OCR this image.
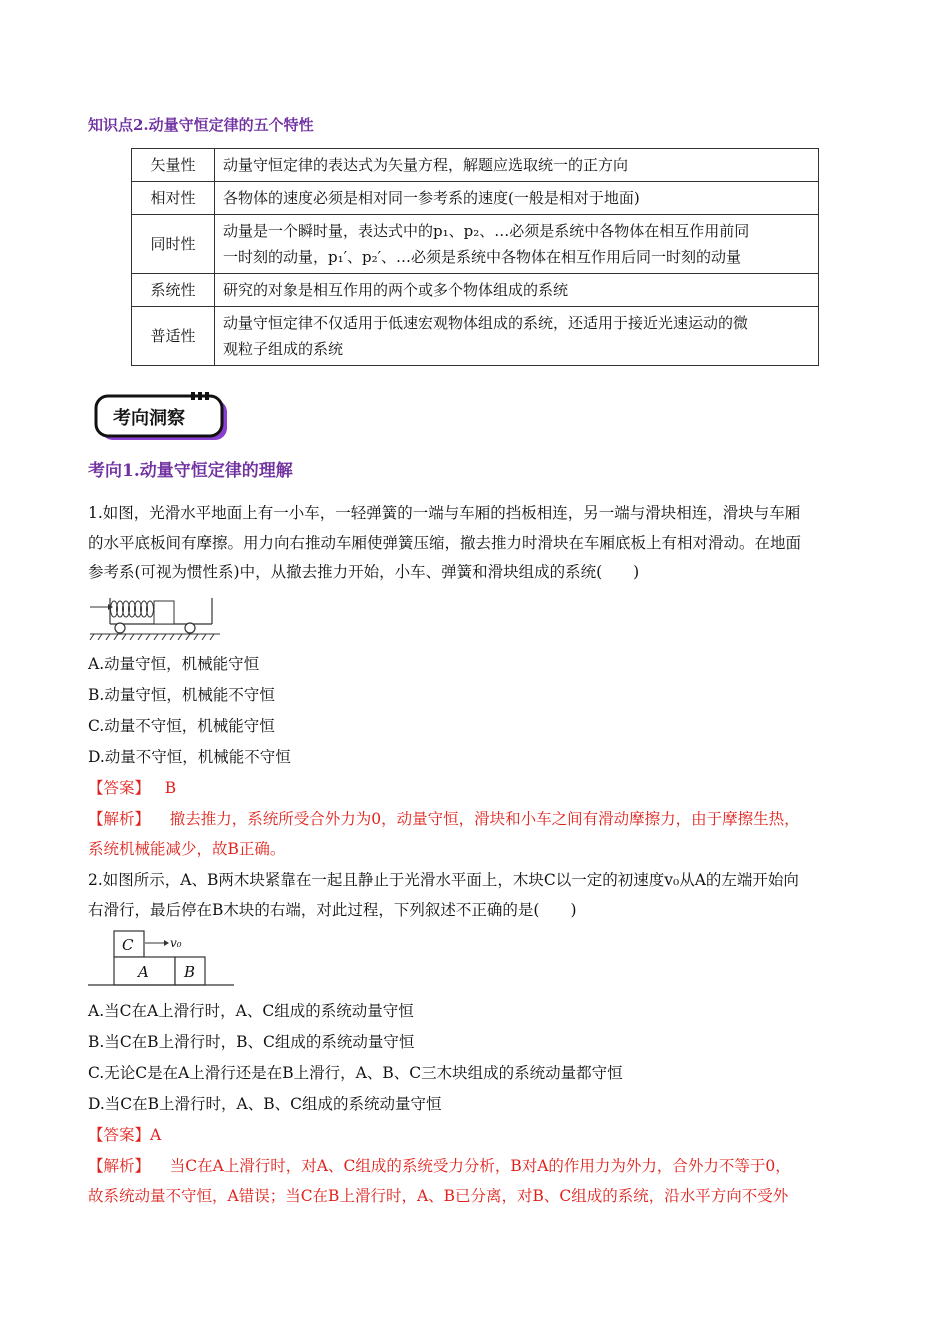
知识点2.动量守恒定律的五个特性
矢量性	动量守恒定律的表达式为矢量方程，解题应选取统一的正方向
相对性	各物体的速度必须是相对同一参考系的速度(一般是相对于地面)
同时性	动量是一个瞬时量，表达式中的p₁、p₂、…必须是系统中各物体在相互作用前同
一时刻的动量，p₁′、p₂′、…必须是系统中各物体在相互作用后同一时刻的动量

系统性	研究的对象是相互作用的两个或多个物体组成的系统
普适性	动量守恒定律不仅适用于低速宏观物体组成的系统，还适用于接近光速运动的微
观粒子组成的系统
考向洞察
考向1.动量守恒定律的理解
1.如图，光滑水平地面上有一小车，一轻弹簧的一端与车厢的挡板相连，另一端与滑块相连，滑块与车厢
的水平底板间有摩擦。用力向右推动车厢使弹簧压缩，撤去推力时滑块在车厢底板上有相对滑动。在地面
参考系(可视为惯性系)中，从撤去推力开始，小车、弹簧和滑块组成的系统(　　)
A.动量守恒，机械能守恒
B.动量守恒，机械能不守恒
C.动量不守恒，机械能守恒
D.动量不守恒，机械能不守恒
【答案】 B
【解析】 撤去推力，系统所受合外力为0，动量守恒，滑块和小车之间有滑动摩擦力，由于摩擦生热，
系统机械能减少，故B正确。
2.如图所示，A、B两木块紧靠在一起且静止于光滑水平面上，木块C以一定的初速度v₀从A的左端开始向
右滑行，最后停在B木块的右端，对此过程，下列叙述不正确的是(　　)
C	v₀
A B
A.当C在A上滑行时，A、C组成的系统动量守恒
B.当C在B上滑行时，B、C组成的系统动量守恒
C.无论C是在A上滑行还是在B上滑行，A、B、C三木块组成的系统动量都守恒
D.当C在B上滑行时，A、B、C组成的系统动量守恒
【答案】A
【解析】 当C在A上滑行时，对A、C组成的系统受力分析，B对A的作用力为外力，合外力不等于0，
故系统动量不守恒，A错误；当C在B上滑行时，A、B已分离，对B、C组成的系统，沿水平方向不受外
